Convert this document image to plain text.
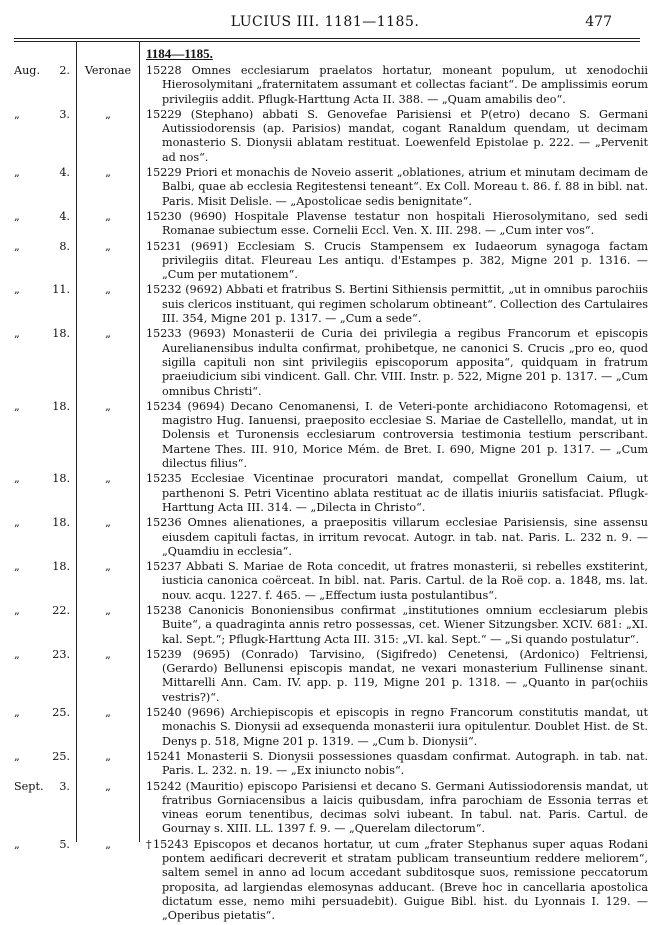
LUCIUS III. 1181—1185.	477
1184—1185.
Aug. 2.	Veronae	15228 Omnes ecclesiarum praelatos hortatur, moneant populum, ut xenodochii Hierosolymitani „fraternitatem assumant et collectas faciant“. De amplissimis eorum privilegiis addit. Pflugk-Harttung Acta II. 388. — „Quam amabilis deo“.
„	3.	„	15229 (Stephano) abbati S. Genovefae Parisiensi et P(etro) decano S. Germani Autissiodorensis (ap. Parisios) mandat, cogant Ranaldum quendam, ut decimam monasterio S. Dionysii ablatam restituat. Loewenfeld Epistolae p. 222. — „Pervenit ad nos“.
„	4.	„	15229 Priori et monachis de Noveio asserit „oblationes, atrium et minutam decimam de Balbi, quae ab ecclesia Regitestensi teneant“. Ex Coll. Moreau t. 86. f. 88 in bibl. nat. Paris. Misit Delisle. — „Apostolicae sedis benignitate“.
„	4.	„	15230 (9690) Hospitale Plavense testatur non hospitali Hierosolymitano, sed sedi Romanae subiectum esse. Cornelii Eccl. Ven. X. III. 298. — „Cum inter vos“.
„	8.	„	15231 (9691) Ecclesiam S. Crucis Stampensem ex Iudaeorum synagoga factam privilegiis ditat. Fleureau Les antiqu. d'Estampes p. 382, Migne 201 p. 1316. — „Cum per mutationem“.
„	11.	„	15232 (9692) Abbati et fratribus S. Bertini Sithiensis permittit, „ut in omnibus parochiis suis clericos instituant, qui regimen scholarum obtineant“. Collection des Cartulaires III. 354, Migne 201 p. 1317. — „Cum a sede“.
„	18.	„	15233 (9693) Monasterii de Curia dei privilegia a regibus Francorum et episcopis Aurelianensibus indulta confirmat, prohibetque, ne canonici S. Crucis „pro eo, quod sigilla capituli non sint privilegiis episcoporum apposita“, quidquam in fratrum praeiudicium sibi vindicent. Gall. Chr. VIII. Instr. p. 522, Migne 201 p. 1317. — „Cum omnibus Christi“.
„	18.	„	15234 (9694) Decano Cenomanensi, I. de Veteri-ponte archidiacono Rotomagensi, et magistro Hug. Ianuensi, praeposito ecclesiae S. Mariae de Castellello, mandat, ut in Dolensis et Turonensis ecclesiarum controversia testimonia testium perscribant. Martene Thes. III. 910, Morice Mém. de Bret. I. 690, Migne 201 p. 1317. — „Cum dilectus filius“.
„	18.	„	15235 Ecclesiae Vicentinae procuratori mandat, compellat Gronellum Caium, ut parthenoni S. Petri Vicentino ablata restituat ac de illatis iniuriis satisfaciat. Pflugk-Harttung Acta III. 314. — „Dilecta in Christo“.
„	18.	„	15236 Omnes alienationes, a praepositis villarum ecclesiae Parisiensis, sine assensu eiusdem capituli factas, in irritum revocat. Autogr. in tab. nat. Paris. L. 232 n. 9. — „Quamdiu in ecclesia“.
„	18.	„	15237 Abbati S. Mariae de Rota concedit, ut fratres monasterii, si rebelles exstiterint, iusticia canonica coërceat. In bibl. nat. Paris. Cartul. de la Roë cop. a. 1848, ms. lat. nouv. acqu. 1227. f. 465. — „Effectum iusta postulantibus“.
„	22.	„	15238 Canonicis Bononiensibus confirmat „institutiones omnium ecclesiarum plebis Buite“, a quadraginta annis retro possessas, cet. Wiener Sitzungsber. XCIV. 681: „XI. kal. Sept.“; Pflugk-Harttung Acta III. 315: „VI. kal. Sept.“ — „Si quando postulatur“.
„	23.	„	15239 (9695) (Conrado) Tarvisino, (Sigifredo) Cenetensi, (Ardonico) Feltriensi, (Gerardo) Bellunensi episcopis mandat, ne vexari monasterium Fullinense sinant. Mittarelli Ann. Cam. IV. app. p. 119, Migne 201 p. 1318. — „Quanto in par(ochiis vestris?)“.
„	25.	„	15240 (9696) Archiepiscopis et episcopis in regno Francorum constitutis mandat, ut monachis S. Dionysii ad exsequenda monasterii iura opitulentur. Doublet Hist. de St. Denys p. 518, Migne 201 p. 1319. — „Cum b. Dionysii“.
„	25.	„	15241 Monasterii S. Dionysii possessiones quasdam confirmat. Autograph. in tab. nat. Paris. L. 232. n. 19. — „Ex iniuncto nobis“.
Sept. 3.	„	15242 (Mauritio) episcopo Parisiensi et decano S. Germani Autissiodorensis mandat, ut fratribus Gorniacensibus a laicis quibusdam, infra parochiam de Essonia terras et vineas eorum tenentibus, decimas solvi iubeant. In tabul. nat. Paris. Cartul. de Gournay s. XIII. LL. 1397 f. 9. — „Querelam dilectorum“.
„	5.	„	†15243 Episcopos et decanos hortatur, ut cum „frater Stephanus super aquas Rodani pontem aedificari decreverit et stratam publicam transeuntium reddere meliorem“, saltem semel in anno ad locum accedant subditosque suos, remissione peccatorum proposita, ad largiendas elemosynas adducant. (Breve hoc in cancellaria apostolica dictatum esse, nemo mihi persuadebit). Guigue Bibl. hist. du Lyonnais I. 129. — „Operibus pietatis“.
